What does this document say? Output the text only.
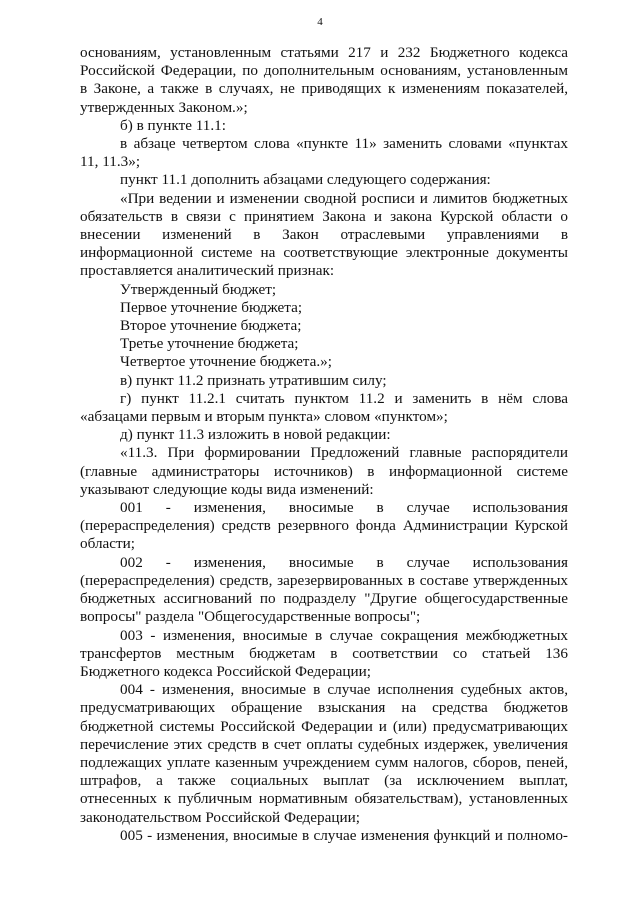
4

основаниям, установленным статьями 217 и 232 Бюджетного кодекса Российской Федерации, по дополнительным основаниям, установленным в Законе, а также в случаях, не приводящих к изменениям показателей, утвержденных Законом.»;

б) в пункте 11.1:

в абзаце четвертом слова «пункте 11» заменить словами «пунктах 11, 11.3»;

пункт 11.1 дополнить абзацами следующего содержания:

«При ведении и изменении сводной росписи и лимитов бюджетных обязательств в связи с принятием Закона и закона Курской области о внесении изменений в Закон отраслевыми управлениями в информационной системе на соответствующие электронные документы проставляется аналитический признак:

Утвержденный бюджет;

Первое уточнение бюджета;

Второе уточнение бюджета;

Третье уточнение бюджета;

Четвертое уточнение бюджета.»;

в) пункт 11.2 признать утратившим силу;

г) пункт 11.2.1 считать пунктом 11.2 и заменить в нём слова «абзацами первым и вторым пункта» словом «пунктом»;

д) пункт 11.3 изложить в новой редакции:

«11.3. При формировании Предложений главные распорядители (главные администраторы источников) в информационной системе указывают следующие коды вида изменений:

001 - изменения, вносимые в случае использования (перераспределения) средств резервного фонда Администрации Курской области;

002 - изменения, вносимые в случае использования (перераспределения) средств, зарезервированных в составе утвержденных бюджетных ассигнований по подразделу "Другие общегосударственные вопросы" раздела "Общегосударственные вопросы";

003 - изменения, вносимые в случае сокращения межбюджетных трансфертов местным бюджетам в соответствии со статьей 136 Бюджетного кодекса Российской Федерации;

004 - изменения, вносимые в случае исполнения судебных актов, предусматривающих обращение взыскания на средства бюджетов бюджетной системы Российской Федерации и (или) предусматривающих перечисление этих средств в счет оплаты судебных издержек, увеличения подлежащих уплате казенным учреждением сумм налогов, сборов, пеней, штрафов, а также социальных выплат (за исключением выплат, отнесенных к публичным нормативным обязательствам), установленных законодательством Российской Федерации;

005 - изменения, вносимые в случае изменения функций и полномо-
